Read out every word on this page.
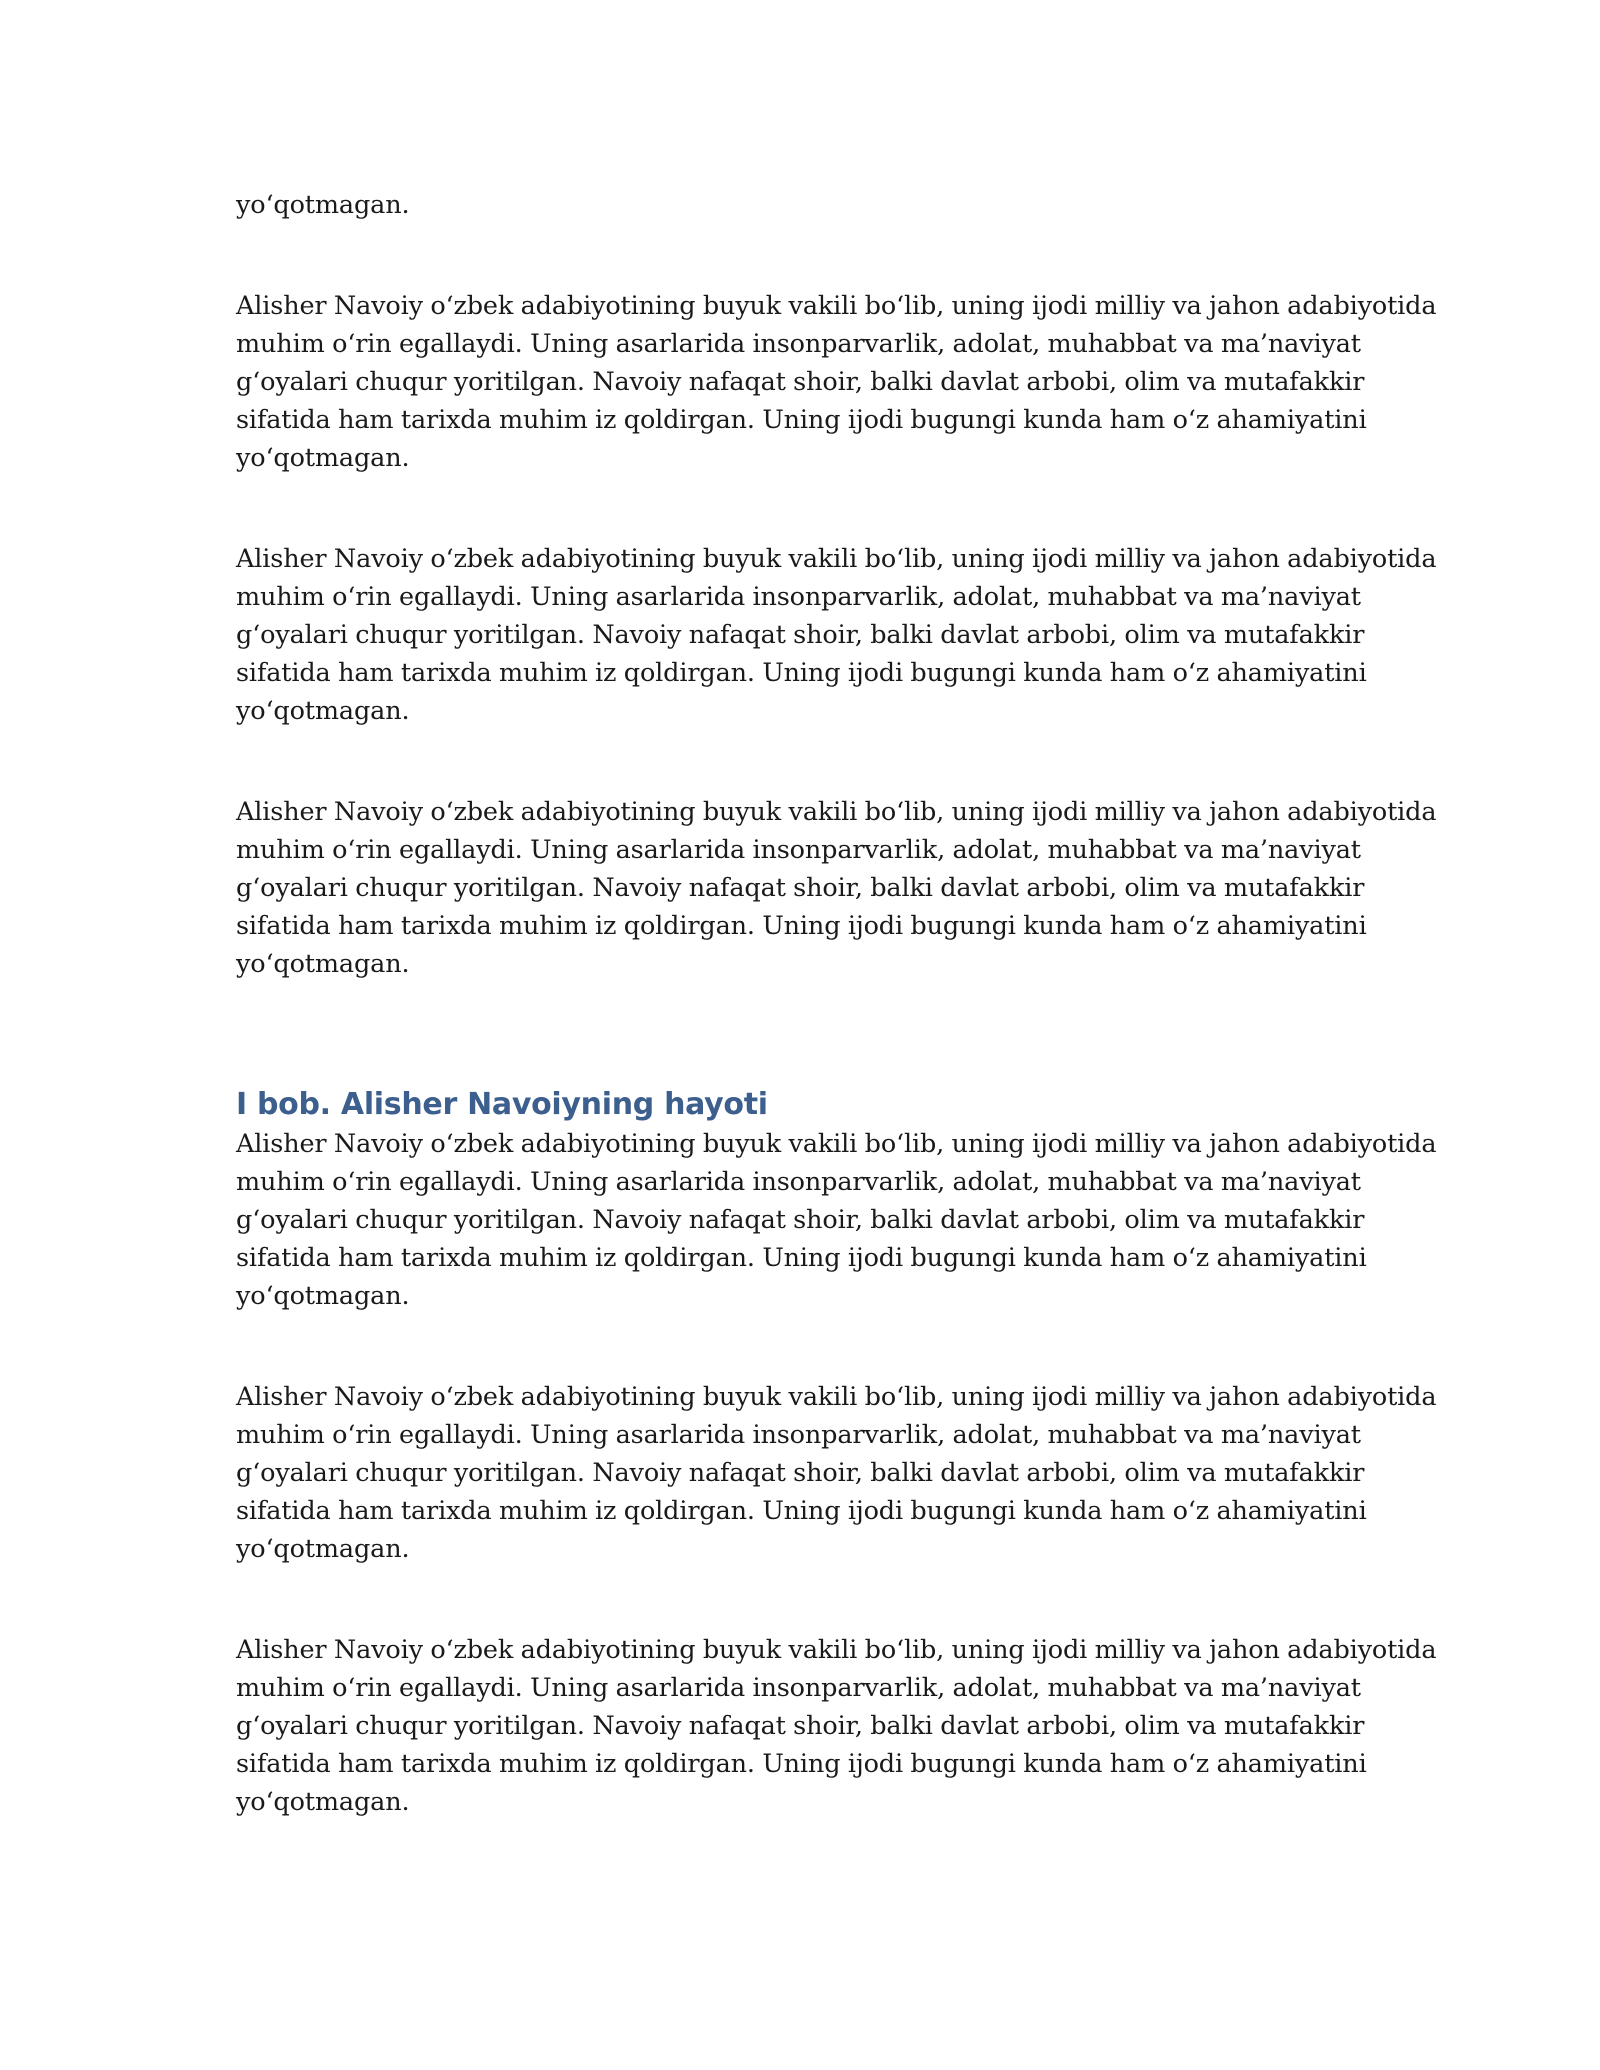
yo‘qotmagan.

Alisher Navoiy o‘zbek adabiyotining buyuk vakili bo‘lib, uning ijodi milliy va jahon adabiyotida
muhim o‘rin egallaydi. Uning asarlarida insonparvarlik, adolat, muhabbat va ma’naviyat
g‘oyalari chuqur yoritilgan. Navoiy nafaqat shoir, balki davlat arbobi, olim va mutafakkir
sifatida ham tarixda muhim iz qoldirgan. Uning ijodi bugungi kunda ham o‘z ahamiyatini
yo‘qotmagan.

Alisher Navoiy o‘zbek adabiyotining buyuk vakili bo‘lib, uning ijodi milliy va jahon adabiyotida
muhim o‘rin egallaydi. Uning asarlarida insonparvarlik, adolat, muhabbat va ma’naviyat
g‘oyalari chuqur yoritilgan. Navoiy nafaqat shoir, balki davlat arbobi, olim va mutafakkir
sifatida ham tarixda muhim iz qoldirgan. Uning ijodi bugungi kunda ham o‘z ahamiyatini
yo‘qotmagan.

Alisher Navoiy o‘zbek adabiyotining buyuk vakili bo‘lib, uning ijodi milliy va jahon adabiyotida
muhim o‘rin egallaydi. Uning asarlarida insonparvarlik, adolat, muhabbat va ma’naviyat
g‘oyalari chuqur yoritilgan. Navoiy nafaqat shoir, balki davlat arbobi, olim va mutafakkir
sifatida ham tarixda muhim iz qoldirgan. Uning ijodi bugungi kunda ham o‘z ahamiyatini
yo‘qotmagan.

I bob. Alisher Navoiyning hayoti

Alisher Navoiy o‘zbek adabiyotining buyuk vakili bo‘lib, uning ijodi milliy va jahon adabiyotida
muhim o‘rin egallaydi. Uning asarlarida insonparvarlik, adolat, muhabbat va ma’naviyat
g‘oyalari chuqur yoritilgan. Navoiy nafaqat shoir, balki davlat arbobi, olim va mutafakkir
sifatida ham tarixda muhim iz qoldirgan. Uning ijodi bugungi kunda ham o‘z ahamiyatini
yo‘qotmagan.

Alisher Navoiy o‘zbek adabiyotining buyuk vakili bo‘lib, uning ijodi milliy va jahon adabiyotida
muhim o‘rin egallaydi. Uning asarlarida insonparvarlik, adolat, muhabbat va ma’naviyat
g‘oyalari chuqur yoritilgan. Navoiy nafaqat shoir, balki davlat arbobi, olim va mutafakkir
sifatida ham tarixda muhim iz qoldirgan. Uning ijodi bugungi kunda ham o‘z ahamiyatini
yo‘qotmagan.

Alisher Navoiy o‘zbek adabiyotining buyuk vakili bo‘lib, uning ijodi milliy va jahon adabiyotida
muhim o‘rin egallaydi. Uning asarlarida insonparvarlik, adolat, muhabbat va ma’naviyat
g‘oyalari chuqur yoritilgan. Navoiy nafaqat shoir, balki davlat arbobi, olim va mutafakkir
sifatida ham tarixda muhim iz qoldirgan. Uning ijodi bugungi kunda ham o‘z ahamiyatini
yo‘qotmagan.
